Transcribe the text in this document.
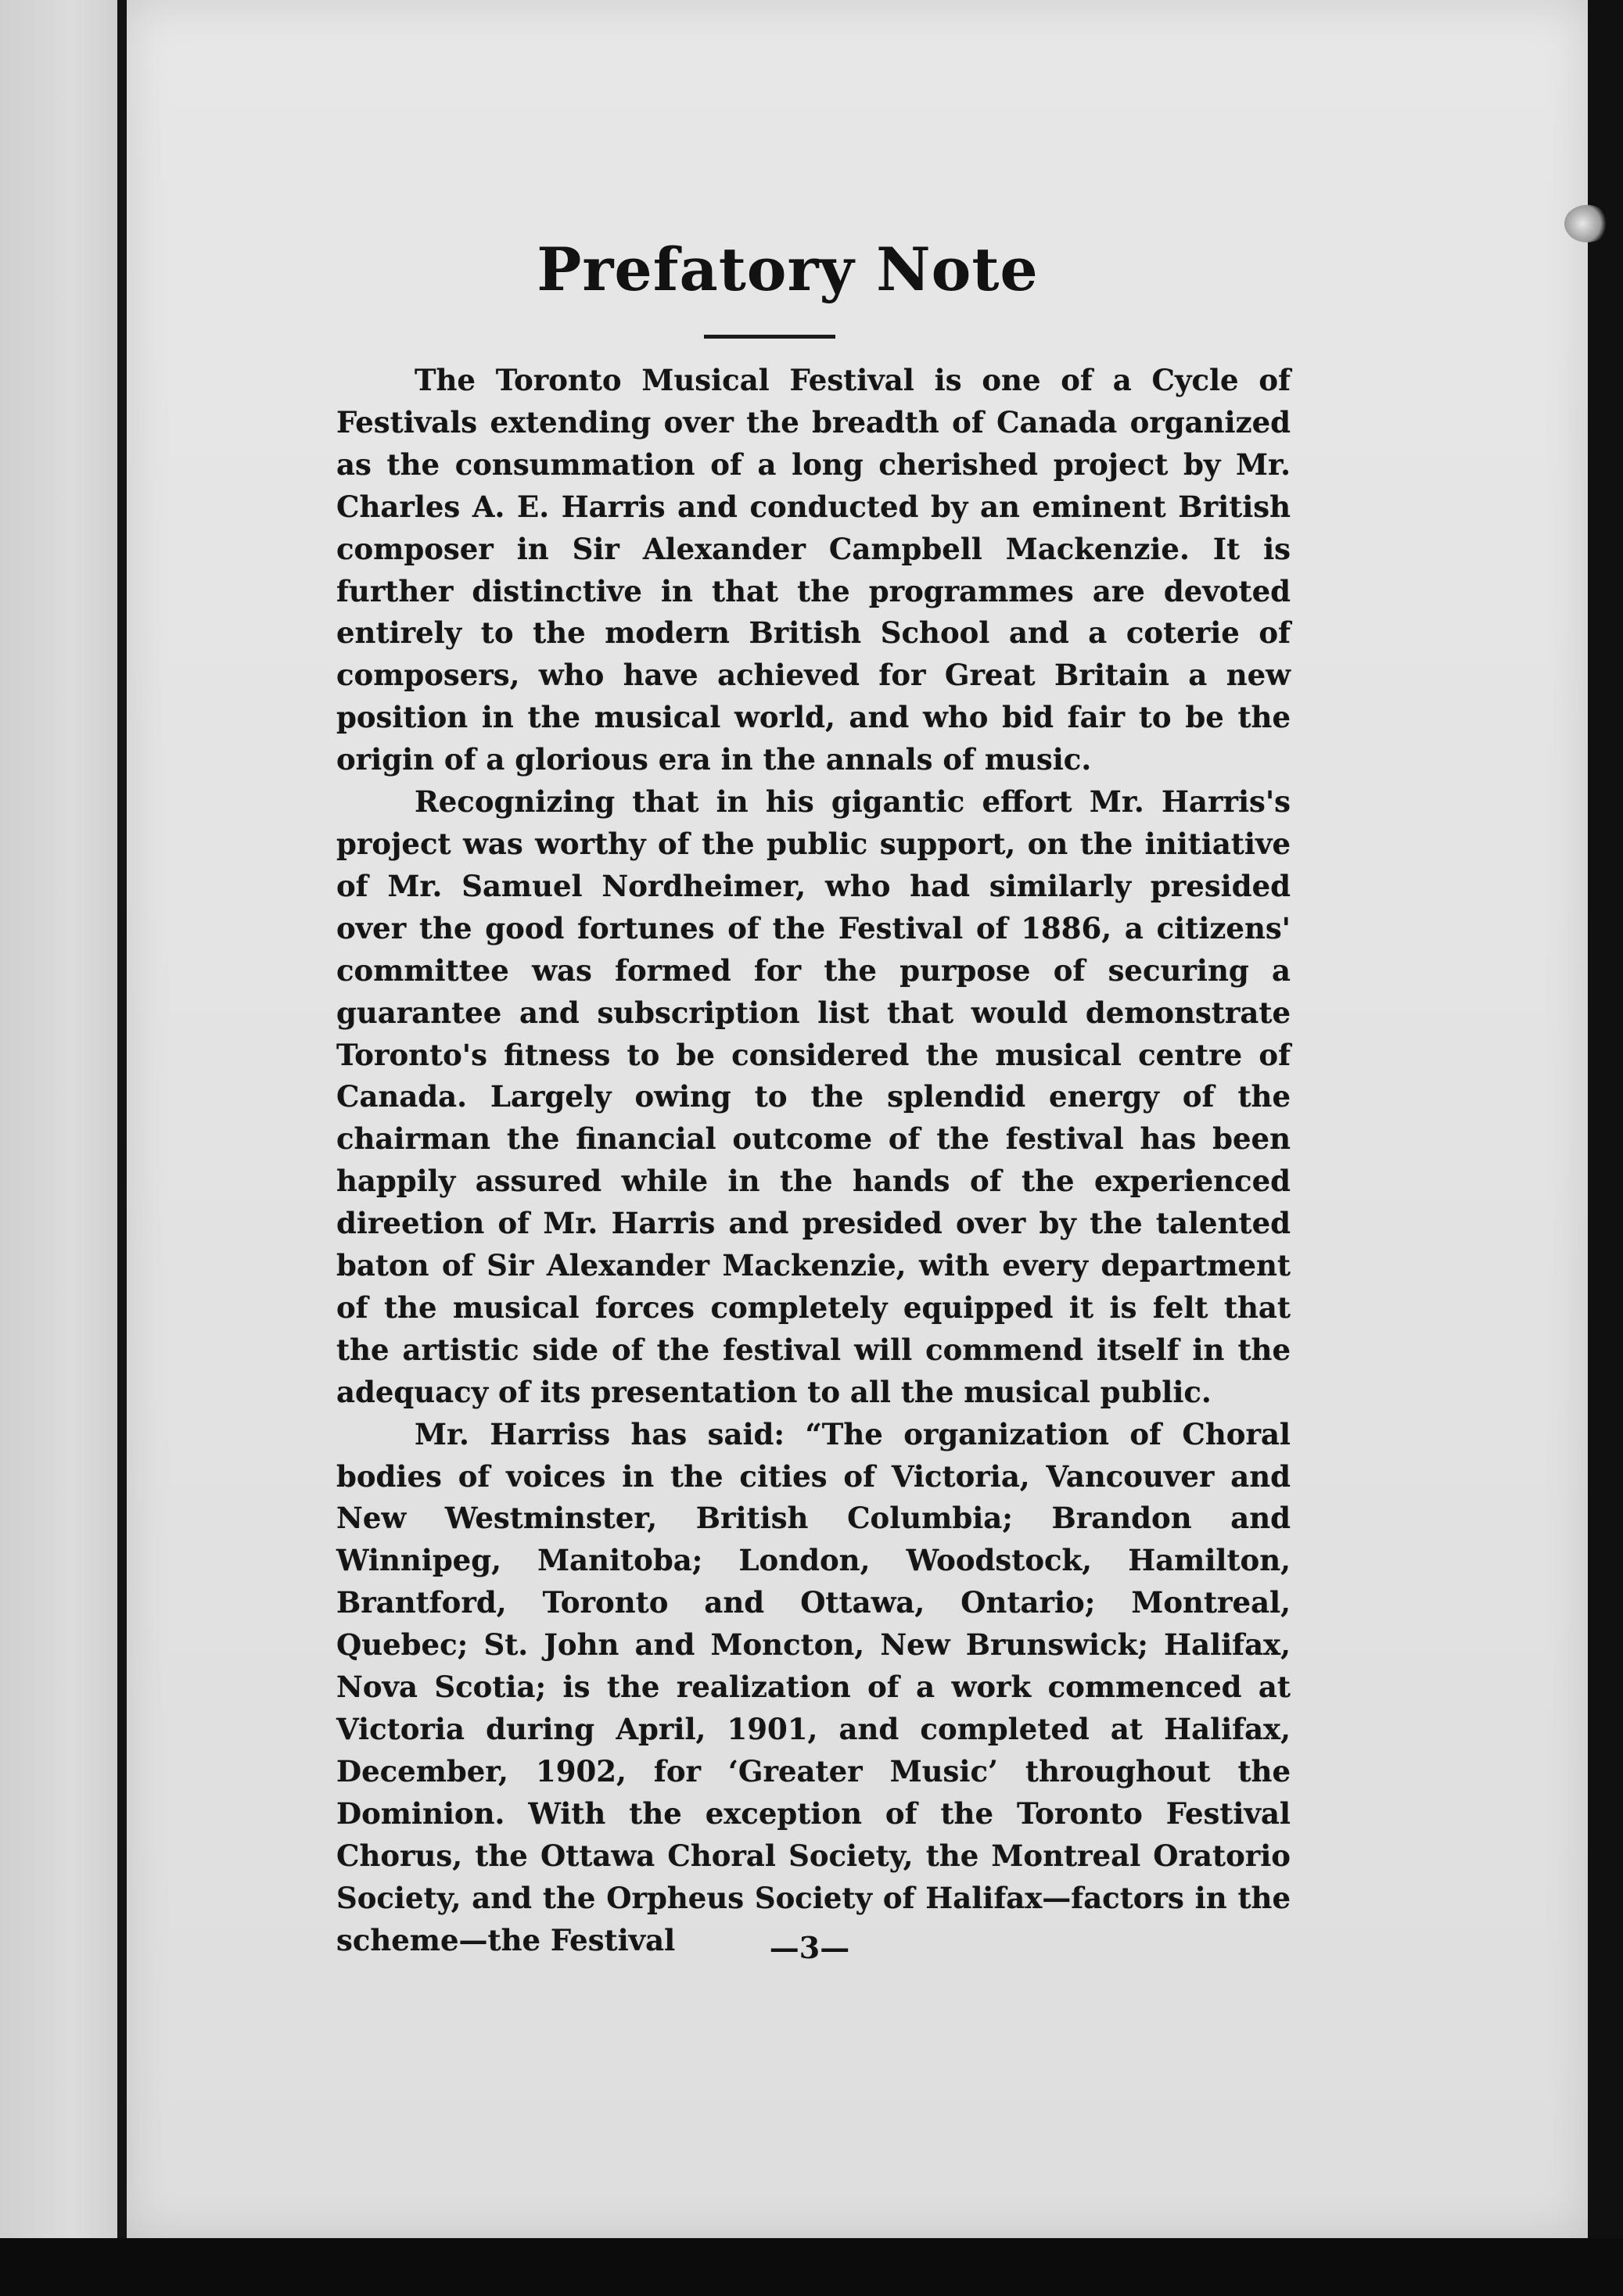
Prefatory Note

The Toronto Musical Festival is one of a Cycle of Festivals extending over the breadth of Canada organized as the consummation of a long cherished project by Mr. Charles A. E. Harris and conducted by an eminent British composer in Sir Alexander Campbell Mackenzie. It is further distinctive in that the programmes are devoted entirely to the modern British School and a coterie of composers, who have achieved for Great Britain a new position in the musical world, and who bid fair to be the origin of a glorious era in the annals of music.

Recognizing that in his gigantic effort Mr. Harris's project was worthy of the public support, on the initiative of Mr. Samuel Nordheimer, who had similarly presided over the good fortunes of the Festival of 1886, a citizens' committee was formed for the purpose of securing a guarantee and subscription list that would demonstrate Toronto's fitness to be considered the musical centre of Canada. Largely owing to the splendid energy of the chairman the financial outcome of the festival has been happily assured while in the hands of the experienced direetion of Mr. Harris and presided over by the talented baton of Sir Alexander Mackenzie, with every department of the musical forces completely equipped it is felt that the artistic side of the festival will commend itself in the adequacy of its presentation to all the musical public.

Mr. Harriss has said: “The organization of Choral bodies of voices in the cities of Victoria, Vancouver and New Westminster, British Columbia; Brandon and Winnipeg, Manitoba; London, Woodstock, Hamilton, Brantford, Toronto and Ottawa, Ontario; Montreal, Quebec; St. John and Moncton, New Brunswick; Halifax, Nova Scotia; is the realization of a work commenced at Victoria during April, 1901, and completed at Halifax, December, 1902, for ‘Greater Music’ throughout the Dominion. With the exception of the Toronto Festival Chorus, the Ottawa Choral Society, the Montreal Oratorio Society, and the Orpheus Society of Halifax—factors in the scheme—the Festival	—3—
